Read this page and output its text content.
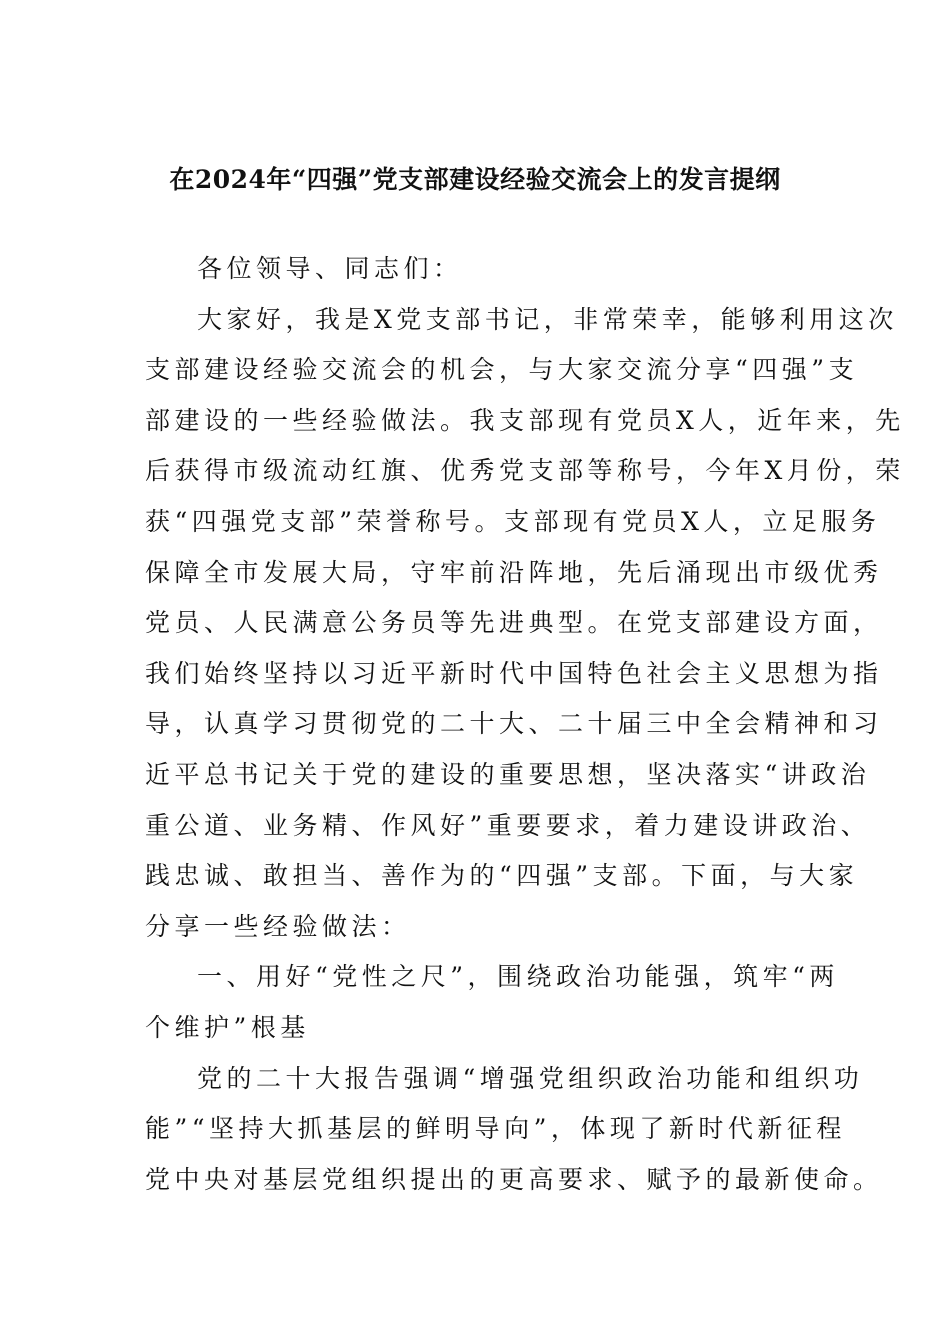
在2024年“四强”党支部建设经验交流会上的发言提纲
各位领导、同志们：
大家好，我是X党支部书记，非常荣幸，能够利用这次
支部建设经验交流会的机会，与大家交流分享“四强”支
部建设的一些经验做法。我支部现有党员X人，近年来，先
后获得市级流动红旗、优秀党支部等称号，今年X月份，荣
获“四强党支部”荣誉称号。支部现有党员X人，立足服务
保障全市发展大局，守牢前沿阵地，先后涌现出市级优秀
党员、人民满意公务员等先进典型。在党支部建设方面，
我们始终坚持以习近平新时代中国特色社会主义思想为指
导，认真学习贯彻党的二十大、二十届三中全会精神和习
近平总书记关于党的建设的重要思想，坚决落实“讲政治
重公道、业务精、作风好”重要要求，着力建设讲政治、
践忠诚、敢担当、善作为的“四强”支部。下面，与大家
分享一些经验做法：
一、用好“党性之尺”，围绕政治功能强，筑牢“两
个维护”根基
党的二十大报告强调“增强党组织政治功能和组织功
能”“坚持大抓基层的鲜明导向”，体现了新时代新征程
党中央对基层党组织提出的更高要求、赋予的最新使命。
